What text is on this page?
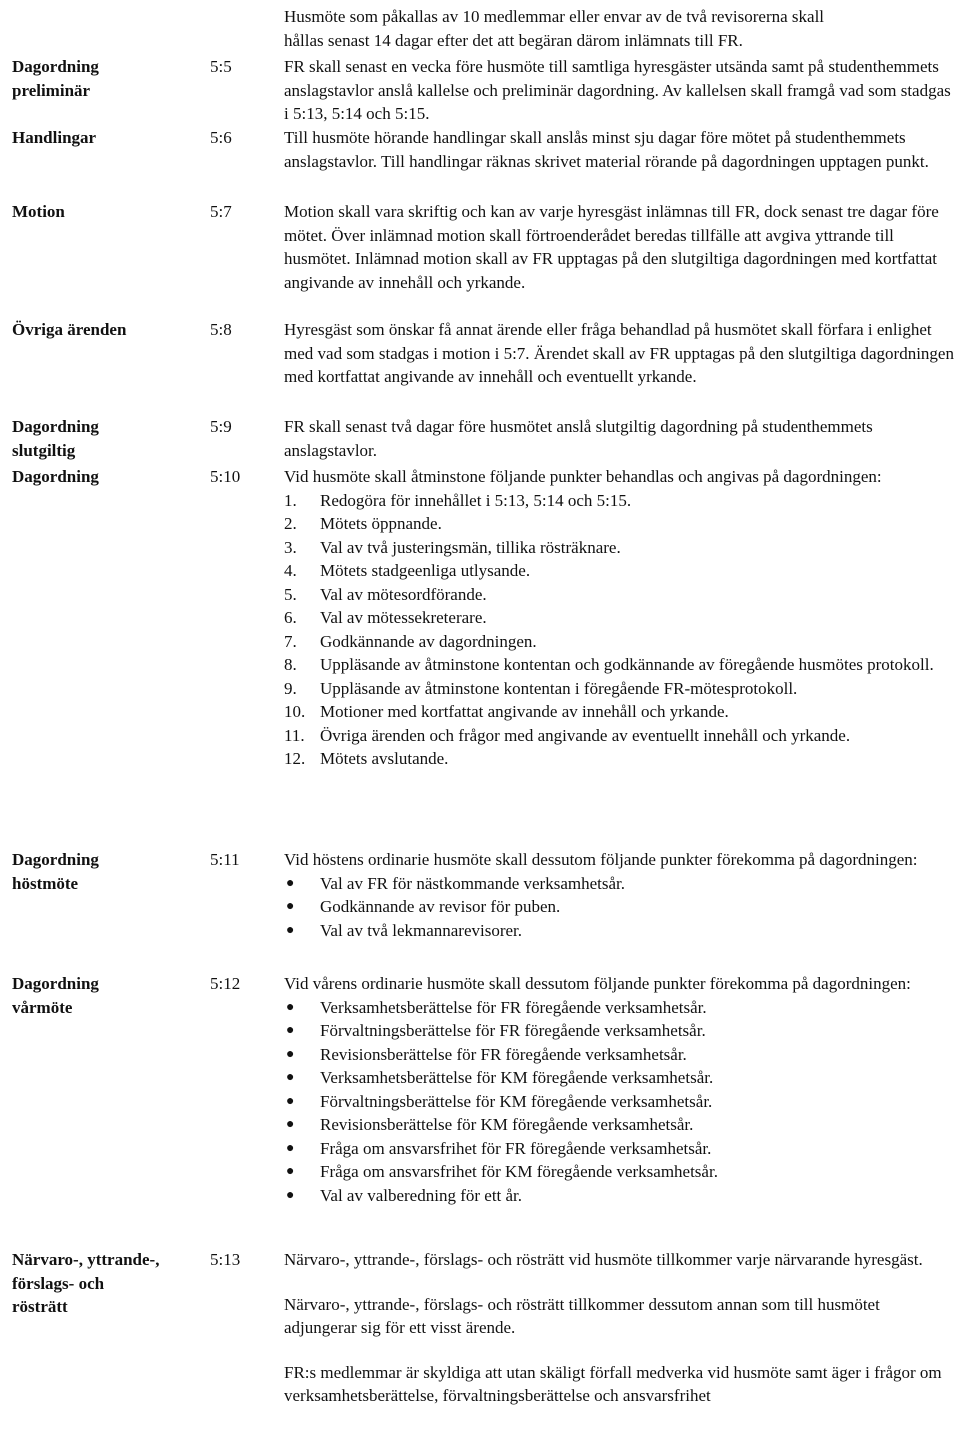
Husmöte som påkallas av 10 medlemmar eller envar av de två revisorerna skall
hållas senast 14 dagar efter det att begäran därom inlämnats till FR.
Dagordning
preliminär
5:5	FR skall senast en vecka före husmöte till samtliga hyresgäster utsända samt på studenthemmets anslagstavlor anslå kallelse och preliminär dagordning. Av kallelsen skall framgå vad som stadgas i 5:13, 5:14 och 5:15.

Handlingar	5:6	Till husmöte hörande handlingar skall anslås minst sju dagar före mötet på studenthemmets anslagstavlor. Till handlingar räknas skrivet material rörande på dagordningen upptagen punkt.

Motion	5:7	Motion skall vara skriftig och kan av varje hyresgäst inlämnas till FR, dock senast tre dagar före mötet. Över inlämnad motion skall förtroenderådet beredas tillfälle att avgiva yttrande till husmötet. Inlämnad motion skall av FR upptagas på den slutgiltiga dagordningen med kortfattat angivande av innehåll och yrkande.

Övriga ärenden	5:8	Hyresgäst som önskar få annat ärende eller fråga behandlad på husmötet skall förfara i enlighet med vad som stadgas i motion i 5:7. Ärendet skall av FR upptagas på den slutgiltiga dagordningen med kortfattat angivande av innehåll och eventuellt yrkande.

Dagordning
slutgiltig
5:9	FR skall senast två dagar före husmötet anslå slutgiltig dagordning på studenthemmets anslagstavlor.

Dagordning	5:10	Vid husmöte skall åtminstone följande punkter behandlas och angivas på dagordningen:

1.	Redogöra för innehållet i 5:13, 5:14 och 5:15.
2.	Mötets öppnande.
3.	Val av två justeringsmän, tillika rösträknare.
4.	Mötets stadgeenliga utlysande.
5.	Val av mötesordförande.
6.	Val av mötessekreterare.
7.	Godkännande av dagordningen.
8.	Uppläsande av åtminstone kontentan och godkännande av föregående husmötes protokoll.
9.	Uppläsande av åtminstone kontentan i föregående FR-mötesprotokoll.
10. Motioner med kortfattat angivande av innehåll och yrkande.
11. Övriga ärenden och frågor med angivande av eventuellt innehåll och yrkande.
12. Mötets avslutande.
Dagordning
höstmöte
5:11	Vid höstens ordinarie husmöte skall dessutom följande punkter förekomma på dagordningen:

●	Val av FR för nästkommande verksamhetsår.
●	Godkännande av revisor för puben.
●	Val av två lekmannarevisorer.
Dagordning
vårmöte
5:12	Vid vårens ordinarie husmöte skall dessutom följande punkter förekomma på dagordningen:

●	Verksamhetsberättelse för FR föregående verksamhetsår.
●	Förvaltningsberättelse för FR föregående verksamhetsår.
●	Revisionsberättelse för FR föregående verksamhetsår.
●	Verksamhetsberättelse för KM föregående verksamhetsår.
●	Förvaltningsberättelse för KM föregående verksamhetsår.
●	Revisionsberättelse för KM föregående verksamhetsår.
●	Fråga om ansvarsfrihet för FR föregående verksamhetsår.
●	Fråga om ansvarsfrihet för KM föregående verksamhetsår.
●	Val av valberedning för ett år.
Närvaro-, yttrande-,
förslags- och
rösträtt
5:13	Närvaro-, yttrande-, förslags- och rösträtt vid husmöte tillkommer varje närvarande hyresgäst.

Närvaro-, yttrande-, förslags- och rösträtt tillkommer dessutom annan som till husmötet adjungerar sig för ett visst ärende.

FR:s medlemmar är skyldiga att utan skäligt förfall medverka vid husmöte samt äger i frågor om verksamhetsberättelse, förvaltningsberättelse och ansvarsfrihet
